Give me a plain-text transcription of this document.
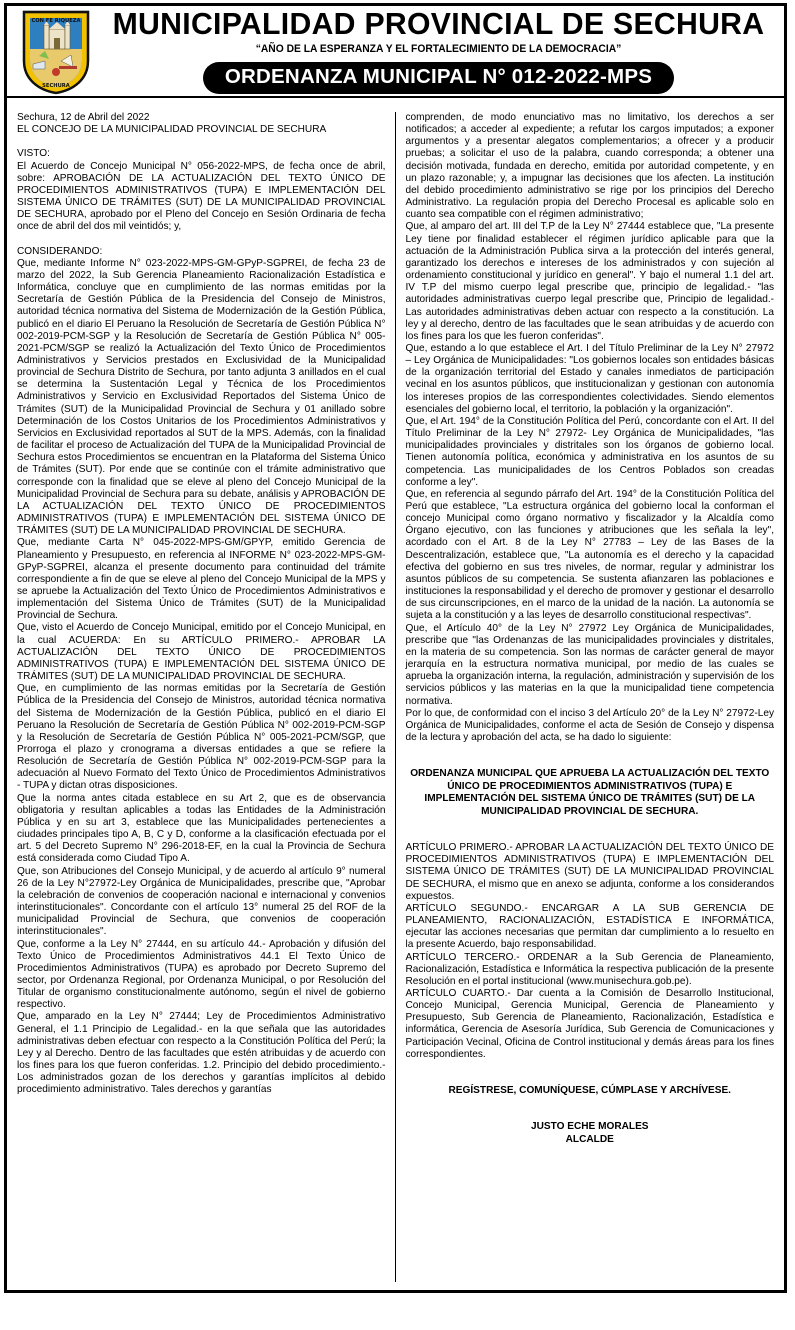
CON FE RIQUEZA
SECHURA
MUNICIPALIDAD PROVINCIAL DE SECHURA
“AÑO DE LA ESPERANZA Y EL FORTALECIMIENTO DE LA DEMOCRACIA”
ORDENANZA MUNICIPAL N° 012-2022-MPS

Sechura, 12 de Abril del 2022

EL CONCEJO DE LA MUNICIPALIDAD PROVINCIAL DE SECHURA

VISTO:

El Acuerdo de Concejo Municipal N° 056-2022-MPS, de fecha once de abril, sobre: APROBACIÓN DE LA ACTUALIZACIÓN DEL TEXTO ÚNICO DE PROCEDIMIENTOS ADMINISTRATIVOS (TUPA) E IMPLEMENTACIÓN DEL SISTEMA ÚNICO DE TRÁMITES (SUT) DE LA MUNICIPALIDAD PROVINCIAL DE SECHURA, aprobado por el Pleno del Concejo en Sesión Ordinaria de fecha once de abril del dos mil veintidós; y,

CONSIDERANDO:

Que, mediante Informe N° 023-2022-MPS-GM-GPyP-SGPREI, de fecha 23 de marzo del 2022, la Sub Gerencia Planeamiento Racionalización Estadística e Informática, concluye que en cumplimiento de las normas emitidas por la Secretaría de Gestión Pública de la Presidencia del Consejo de Ministros, autoridad técnica normativa del Sistema de Modernización de la Gestión Pública, publicó en el diario El Peruano la Resolución de Secretaría de Gestión Pública N° 002-2019-PCM-SGP y la Resolución de Secretaría de Gestión Pública N° 005-2021-PCM/SGP se realizó la Actualización del Texto Único de Procedimientos Administrativos y Servicios prestados en Exclusividad de la Municipalidad provincial de Sechura Distrito de Sechura, por tanto adjunta 3 anillados en el cual se determina la Sustentación Legal y Técnica de los Procedimientos Administrativos y Servicio en Exclusividad Reportados del Sistema Único de Trámites (SUT) de la Municipalidad Provincial de Sechura y 01 anillado sobre Determinación de los Costos Unitarios de los Procedimientos Administrativos y Servicios en Exclusividad reportados al SUT de la MPS. Además, con la finalidad de facilitar el proceso de Actualización del TUPA de la Municipalidad Provincial de Sechura estos Procedimientos se encuentran en la Plataforma del Sistema Único de Trámites (SUT). Por ende que se continúe con el trámite administrativo que corresponde con la finalidad que se eleve al pleno del Concejo Municipal de la Municipalidad Provincial de Sechura para su debate, análisis y APROBACIÓN DE LA ACTUALIZACIÓN DEL TEXTO ÚNICO DE PROCEDIMIENTOS ADMINISTRATIVOS (TUPA) E IMPLEMENTACIÓN DEL SISTEMA ÚNICO DE TRÁMITES (SUT) DE LA MUNICIPALIDAD PROVINCIAL DE SECHURA.

Que, mediante Carta N° 045-2022-MPS-GM/GPYP, emitido Gerencia de Planeamiento y Presupuesto, en referencia al INFORME N° 023-2022-MPS-GM-GPyP-SGPREI, alcanza el presente documento para continuidad del trámite correspondiente a fin de que se eleve al pleno del Concejo Municipal de la MPS y se apruebe la Actualización del Texto Único de Procedimientos Administrativos e implementación del Sistema Único de Trámites (SUT) de la Municipalidad Provincial de Sechura.

Que, visto el Acuerdo de Concejo Municipal, emitido por el Concejo Municipal, en la cual ACUERDA: En su ARTÍCULO PRIMERO.- APROBAR LA ACTUALIZACIÓN DEL TEXTO ÚNICO DE PROCEDIMIENTOS ADMINISTRATIVOS (TUPA) E IMPLEMENTACIÓN DEL SISTEMA ÚNICO DE TRÁMITES (SUT) DE LA MUNICIPALIDAD PROVINCIAL DE SECHURA.

Que, en cumplimiento de las normas emitidas por la Secretaría de Gestión Pública de la Presidencia del Consejo de Ministros, autoridad técnica normativa del Sistema de Modernización de la Gestión Pública, publicó en el diario El Peruano la Resolución de Secretaría de Gestión Pública N° 002-2019-PCM-SGP y la Resolución de Secretaría de Gestión Pública N° 005-2021-PCM/SGP, que Prorroga el plazo y cronograma a diversas entidades a que se refiere la Resolución de Secretaría de Gestión Pública N° 002-2019-PCM-SGP para la adecuación al Nuevo Formato del Texto Único de Procedimientos Administrativos - TUPA y dictan otras disposiciones.

Que la norma antes citada establece en su Art 2, que es de observancia obligatoria y resultan aplicables a todas las Entidades de la Administración Pública y en su art 3, establece que las Municipalidades pertenecientes a ciudades principales tipo A, B, C y D, conforme a la clasificación efectuada por el art. 5 del Decreto Supremo N° 296-2018-EF, en la cual la Provincia de Sechura está considerada como Ciudad Tipo A.

Que, son Atribuciones del Consejo Municipal, y de acuerdo al artículo 9° numeral 26 de la Ley N°27972-Ley Orgánica de Municipalidades, prescribe que, "Aprobar la celebración de convenios de cooperación nacional e internacional y convenios interinstitucionales". Concordante con el artículo 13° numeral 25 del ROF de la municipalidad Provincial de Sechura, que convenios de cooperación interinstitucionales".

Que, conforme a la Ley N° 27444, en su artículo 44.- Aprobación y difusión del Texto Único de Procedimientos Administrativos 44.1 El Texto Único de Procedimientos Administrativos (TUPA) es aprobado por Decreto Supremo del sector, por Ordenanza Regional, por Ordenanza Municipal, o por Resolución del Titular de organismo constitucionalmente autónomo, según el nivel de gobierno respectivo.

Que, amparado en la Ley N° 27444; Ley de Procedimientos Administrativo General, el 1.1 Principio de Legalidad.- en la que señala que las autoridades administrativas deben efectuar con respecto a la Constitución Política del Perú; la Ley y al Derecho. Dentro de las facultades que estén atribuidas y de acuerdo con los fines para los que fueron conferidas. 1.2. Principio del debido procedimiento.- Los administrados gozan de los derechos y garantías implícitos al debido procedimiento administrativo. Tales derechos y garantías

comprenden, de modo enunciativo mas no limitativo, los derechos a ser notificados; a acceder al expediente; a refutar los cargos imputados; a exponer argumentos y a presentar alegatos complementarios; a ofrecer y a producir pruebas; a solicitar el uso de la palabra, cuando corresponda; a obtener una decisión motivada, fundada en derecho, emitida por autoridad competente, y en un plazo razonable; y, a impugnar las decisiones que los afecten. La institución del debido procedimiento administrativo se rige por los principios del Derecho Administrativo. La regulación propia del Derecho Procesal es aplicable solo en cuanto sea compatible con el régimen administrativo;

Que, al amparo del art. III del T.P de la Ley N° 27444 establece que, "La presente Ley tiene por finalidad establecer el régimen jurídico aplicable para que la actuación de la Administración Publica sirva a la protección del interés general, garantizado los derechos e intereses de los administrados y con sujeción al ordenamiento constitucional y jurídico en general". Y bajo el numeral 1.1 del art. IV T.P del mismo cuerpo legal prescribe que, principio de legalidad.- "las autoridades administrativas cuerpo legal prescribe que, Principio de legalidad.- Las autoridades administrativas deben actuar con respecto a la constitución. La ley y al derecho, dentro de las facultades que le sean atribuidas y de acuerdo con los fines para los que les fueron conferidas".

Que, estando a lo que establece el Art. I del Título Preliminar de la Ley N° 27972 – Ley Orgánica de Municipalidades: "Los gobiernos locales son entidades básicas de la organización territorial del Estado y canales inmediatos de participación vecinal en los asuntos públicos, que institucionalizan y gestionan con autonomía los intereses propios de las correspondientes colectividades. Siendo elementos esenciales del gobierno local, el territorio, la población y la organización".

Que, el Art. 194° de la Constitución Política del Perú, concordante con el Art. II del Título Preliminar de la Ley N° 27972- Ley Orgánica de Municipalidades, "las municipalidades provinciales y distritales son los órganos de gobierno local. Tienen autonomía política, económica y administrativa en los asuntos de su competencia. Las municipalidades de los Centros Poblados son creadas conforme a ley".

Que, en referencia al segundo párrafo del Art. 194° de la Constitución Política del Perú que establece, "La estructura orgánica del gobierno local la conforman el concejo Municipal como órgano normativo y fiscalizador y la Alcaldía como Órgano ejecutivo, con las funciones y atribuciones que les señala la ley", acordado con el Art. 8 de la Ley N° 27783 – Ley de las Bases de la Descentralización, establece que, "La autonomía es el derecho y la capacidad efectiva del gobierno en sus tres niveles, de normar, regular y administrar los asuntos públicos de su competencia. Se sustenta afianzaren las poblaciones e instituciones la responsabilidad y el derecho de promover y gestionar el desarrollo de sus circunscripciones, en el marco de la unidad de la nación. La autonomía se sujeta a la constitución y a las leyes de desarrollo constitucional respectivas".

Que, el Artículo 40° de la Ley N° 27972 Ley Orgánica de Municipalidades, prescribe que "las Ordenanzas de las municipalidades provinciales y distritales, en la materia de su competencia. Son las normas de carácter general de mayor jerarquía en la estructura normativa municipal, por medio de las cuales se aprueba la organización interna, la regulación, administración y supervisión de los servicios públicos y las materias en la que la municipalidad tiene competencia normativa.

Por lo que, de conformidad con el inciso 3 del Artículo 20° de la Ley N° 27972-Ley Orgánica de Municipalidades, conforme el acta de Sesión de Consejo y dispensa de la lectura y aprobación del acta, se ha dado lo siguiente:

ORDENANZA MUNICIPAL QUE APRUEBA LA ACTUALIZACIÓN DEL TEXTO ÚNICO DE PROCEDIMIENTOS ADMINISTRATIVOS (TUPA) E IMPLEMENTACIÓN DEL SISTEMA ÚNICO DE TRÁMITES (SUT) DE LA MUNICIPALIDAD PROVINCIAL DE SECHURA.

ARTÍCULO PRIMERO.- APROBAR LA ACTUALIZACIÓN DEL TEXTO ÚNICO DE PROCEDIMIENTOS ADMINISTRATIVOS (TUPA) E IMPLEMENTACIÓN DEL SISTEMA ÚNICO DE TRÁMITES (SUT) DE LA MUNICIPALIDAD PROVINCIAL DE SECHURA, el mismo que en anexo se adjunta, conforme a los considerandos expuestos.

ARTÍCULO SEGUNDO.- ENCARGAR A LA SUB GERENCIA DE PLANEAMIENTO, RACIONALIZACIÓN, ESTADÍSTICA E INFORMÁTICA, ejecutar las acciones necesarias que permitan dar cumplimiento a lo resuelto en la presente Acuerdo, bajo responsabilidad.

ARTÍCULO TERCERO.- ORDENAR a la Sub Gerencia de Planeamiento, Racionalización, Estadística e Informática la respectiva publicación de la presente Resolución en el portal institucional (www.munisechura.gob.pe).

ARTÍCULO CUARTO.- Dar cuenta a la Comisión de Desarrollo Institucional, Concejo Municipal, Gerencia Municipal, Gerencia de Planeamiento y Presupuesto, Sub Gerencia de Planeamiento, Racionalización, Estadística e informática, Gerencia de Asesoría Jurídica, Sub Gerencia de Comunicaciones y Participación Vecinal, Oficina de Control institucional y demás áreas para los fines correspondientes.

REGÍSTRESE, COMUNÍQUESE, CÚMPLASE Y ARCHÍVESE.

JUSTO ECHE MORALES

ALCALDE
